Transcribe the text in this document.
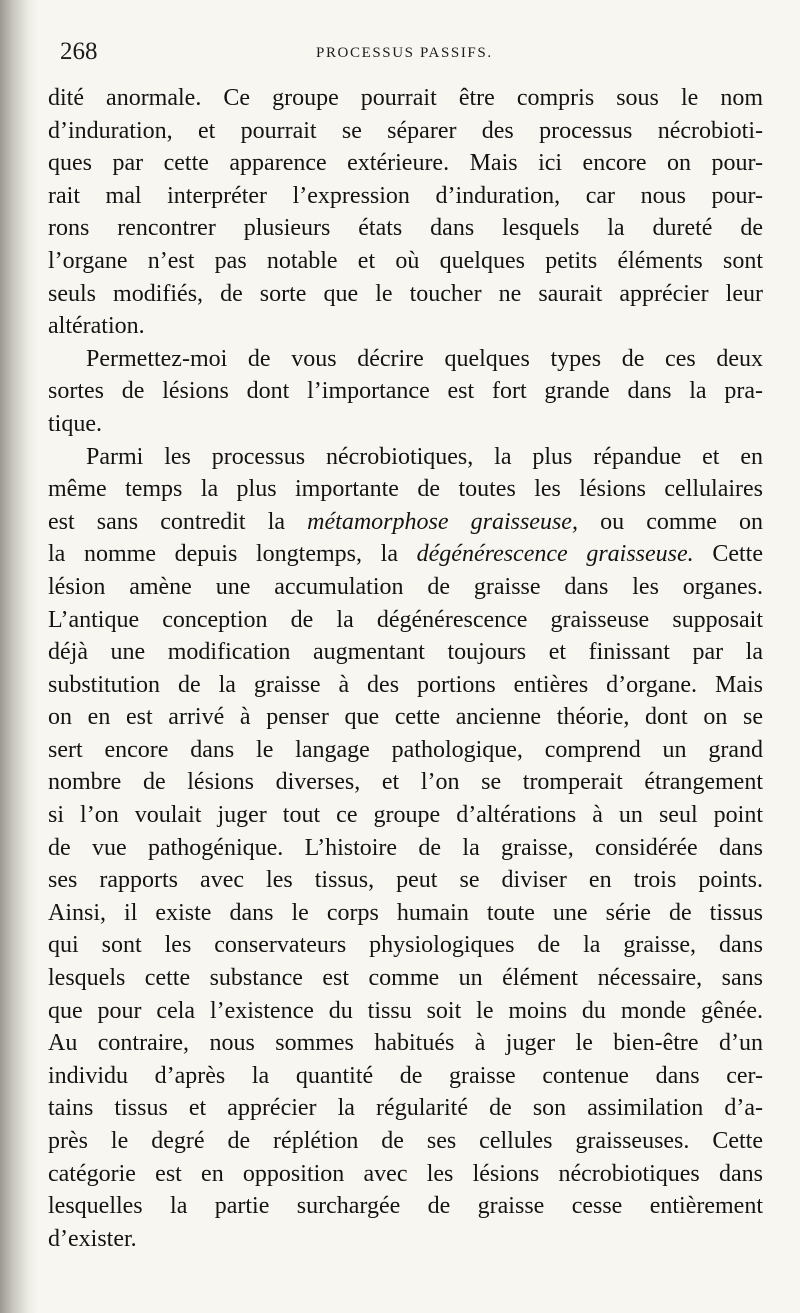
268	PROCESSUS PASSIFS.
dité anormale. Ce groupe pourrait être compris sous le nom
d’induration, et pourrait se séparer des processus nécrobioti-
ques par cette apparence extérieure. Mais ici encore on pour-
rait mal interpréter l’expression d’induration, car nous pour-
rons rencontrer plusieurs états dans lesquels la dureté de
l’organe n’est pas notable et où quelques petits éléments sont
seuls modifiés, de sorte que le toucher ne saurait apprécier leur
altération.
Permettez-moi de vous décrire quelques types de ces deux
sortes de lésions dont l’importance est fort grande dans la pra-
tique.
Parmi les processus nécrobiotiques, la plus répandue et en
même temps la plus importante de toutes les lésions cellulaires
est sans contredit la métamorphose graisseuse, ou comme on
la nomme depuis longtemps, la dégénérescence graisseuse. Cette
lésion amène une accumulation de graisse dans les organes.
L’antique conception de la dégénérescence graisseuse supposait
déjà une modification augmentant toujours et finissant par la
substitution de la graisse à des portions entières d’organe. Mais
on en est arrivé à penser que cette ancienne théorie, dont on se
sert encore dans le langage pathologique, comprend un grand
nombre de lésions diverses, et l’on se tromperait étrangement
si l’on voulait juger tout ce groupe d’altérations à un seul point
de vue pathogénique. L’histoire de la graisse, considérée dans
ses rapports avec les tissus, peut se diviser en trois points.
Ainsi, il existe dans le corps humain toute une série de tissus
qui sont les conservateurs physiologiques de la graisse, dans
lesquels cette substance est comme un élément nécessaire, sans
que pour cela l’existence du tissu soit le moins du monde gênée.
Au contraire, nous sommes habitués à juger le bien-être d’un
individu d’après la quantité de graisse contenue dans cer-
tains tissus et apprécier la régularité de son assimilation d’a-
près le degré de réplétion de ses cellules graisseuses. Cette
catégorie est en opposition avec les lésions nécrobiotiques dans
lesquelles la partie surchargée de graisse cesse entièrement
d’exister.
